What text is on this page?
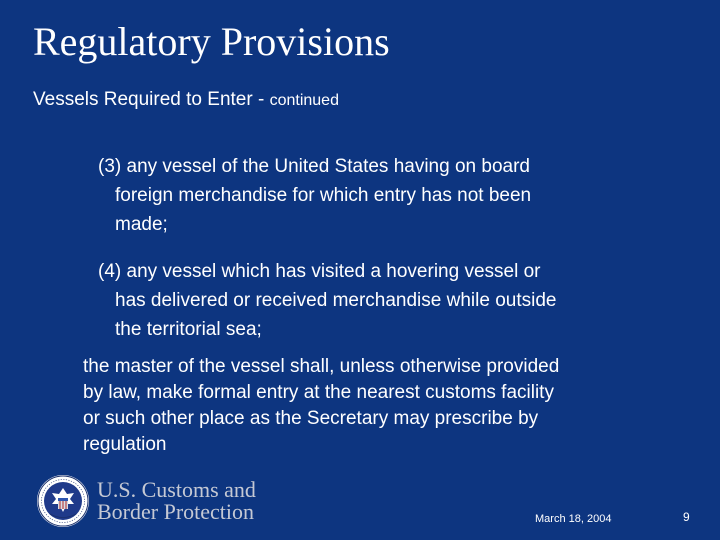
Regulatory Provisions
Vessels Required to Enter - continued
(3) any vessel of the United States having on board
foreign merchandise for which entry has not been
made;
(4) any vessel which has visited a hovering vessel or
has delivered or received merchandise while outside
the territorial sea;
the master of the vessel shall, unless otherwise provided
by law, make formal entry at the nearest customs facility
or such other place as the Secretary may prescribe by
regulation.
U.S. Customs and
Border Protection	March 18, 2004	9
